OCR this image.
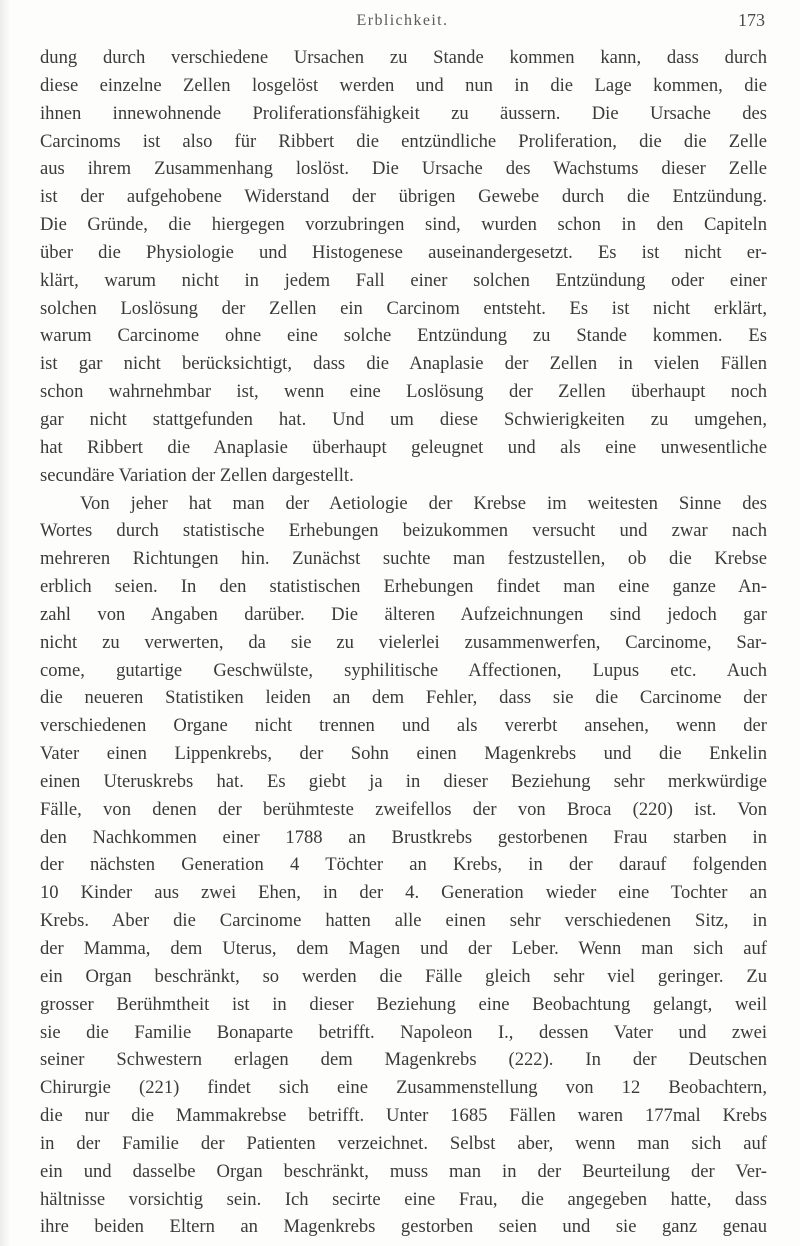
Erblichkeit.	173
dung durch verschiedene Ursachen zu Stande kommen kann, dass durch
diese einzelne Zellen losgelöst werden und nun in die Lage kommen, die
ihnen innewohnende Proliferationsfähigkeit zu äussern. Die Ursache des
Carcinoms ist also für Ribbert die entzündliche Proliferation, die die Zelle
aus ihrem Zusammenhang loslöst. Die Ursache des Wachstums dieser Zelle
ist der aufgehobene Widerstand der übrigen Gewebe durch die Entzündung.
Die Gründe, die hiergegen vorzubringen sind, wurden schon in den Capiteln
über die Physiologie und Histogenese auseinandergesetzt. Es ist nicht er-
klärt, warum nicht in jedem Fall einer solchen Entzündung oder einer
solchen Loslösung der Zellen ein Carcinom entsteht. Es ist nicht erklärt,
warum Carcinome ohne eine solche Entzündung zu Stande kommen. Es
ist gar nicht berücksichtigt, dass die Anaplasie der Zellen in vielen Fällen
schon wahrnehmbar ist, wenn eine Loslösung der Zellen überhaupt noch
gar nicht stattgefunden hat. Und um diese Schwierigkeiten zu umgehen,
hat Ribbert die Anaplasie überhaupt geleugnet und als eine unwesentliche
secundäre Variation der Zellen dargestellt.
Von jeher hat man der Aetiologie der Krebse im weitesten Sinne des
Wortes durch statistische Erhebungen beizukommen versucht und zwar nach
mehreren Richtungen hin. Zunächst suchte man festzustellen, ob die Krebse
erblich seien. In den statistischen Erhebungen findet man eine ganze An-
zahl von Angaben darüber. Die älteren Aufzeichnungen sind jedoch gar
nicht zu verwerten, da sie zu vielerlei zusammenwerfen, Carcinome, Sar-
come, gutartige Geschwülste, syphilitische Affectionen, Lupus etc. Auch
die neueren Statistiken leiden an dem Fehler, dass sie die Carcinome der
verschiedenen Organe nicht trennen und als vererbt ansehen, wenn der
Vater einen Lippenkrebs, der Sohn einen Magenkrebs und die Enkelin
einen Uteruskrebs hat. Es giebt ja in dieser Beziehung sehr merkwürdige
Fälle, von denen der berühmteste zweifellos der von Broca (220) ist. Von
den Nachkommen einer 1788 an Brustkrebs gestorbenen Frau starben in
der nächsten Generation 4 Töchter an Krebs, in der darauf folgenden
10 Kinder aus zwei Ehen, in der 4. Generation wieder eine Tochter an
Krebs. Aber die Carcinome hatten alle einen sehr verschiedenen Sitz, in
der Mamma, dem Uterus, dem Magen und der Leber. Wenn man sich auf
ein Organ beschränkt, so werden die Fälle gleich sehr viel geringer. Zu
grosser Berühmtheit ist in dieser Beziehung eine Beobachtung gelangt, weil
sie die Familie Bonaparte betrifft. Napoleon I., dessen Vater und zwei
seiner Schwestern erlagen dem Magenkrebs (222). In der Deutschen
Chirurgie (221) findet sich eine Zusammenstellung von 12 Beobachtern,
die nur die Mammakrebse betrifft. Unter 1685 Fällen waren 177mal Krebs
in der Familie der Patienten verzeichnet. Selbst aber, wenn man sich auf
ein und dasselbe Organ beschränkt, muss man in der Beurteilung der Ver-
hältnisse vorsichtig sein. Ich secirte eine Frau, die angegeben hatte, dass
ihre beiden Eltern an Magenkrebs gestorben seien und sie ganz genau
